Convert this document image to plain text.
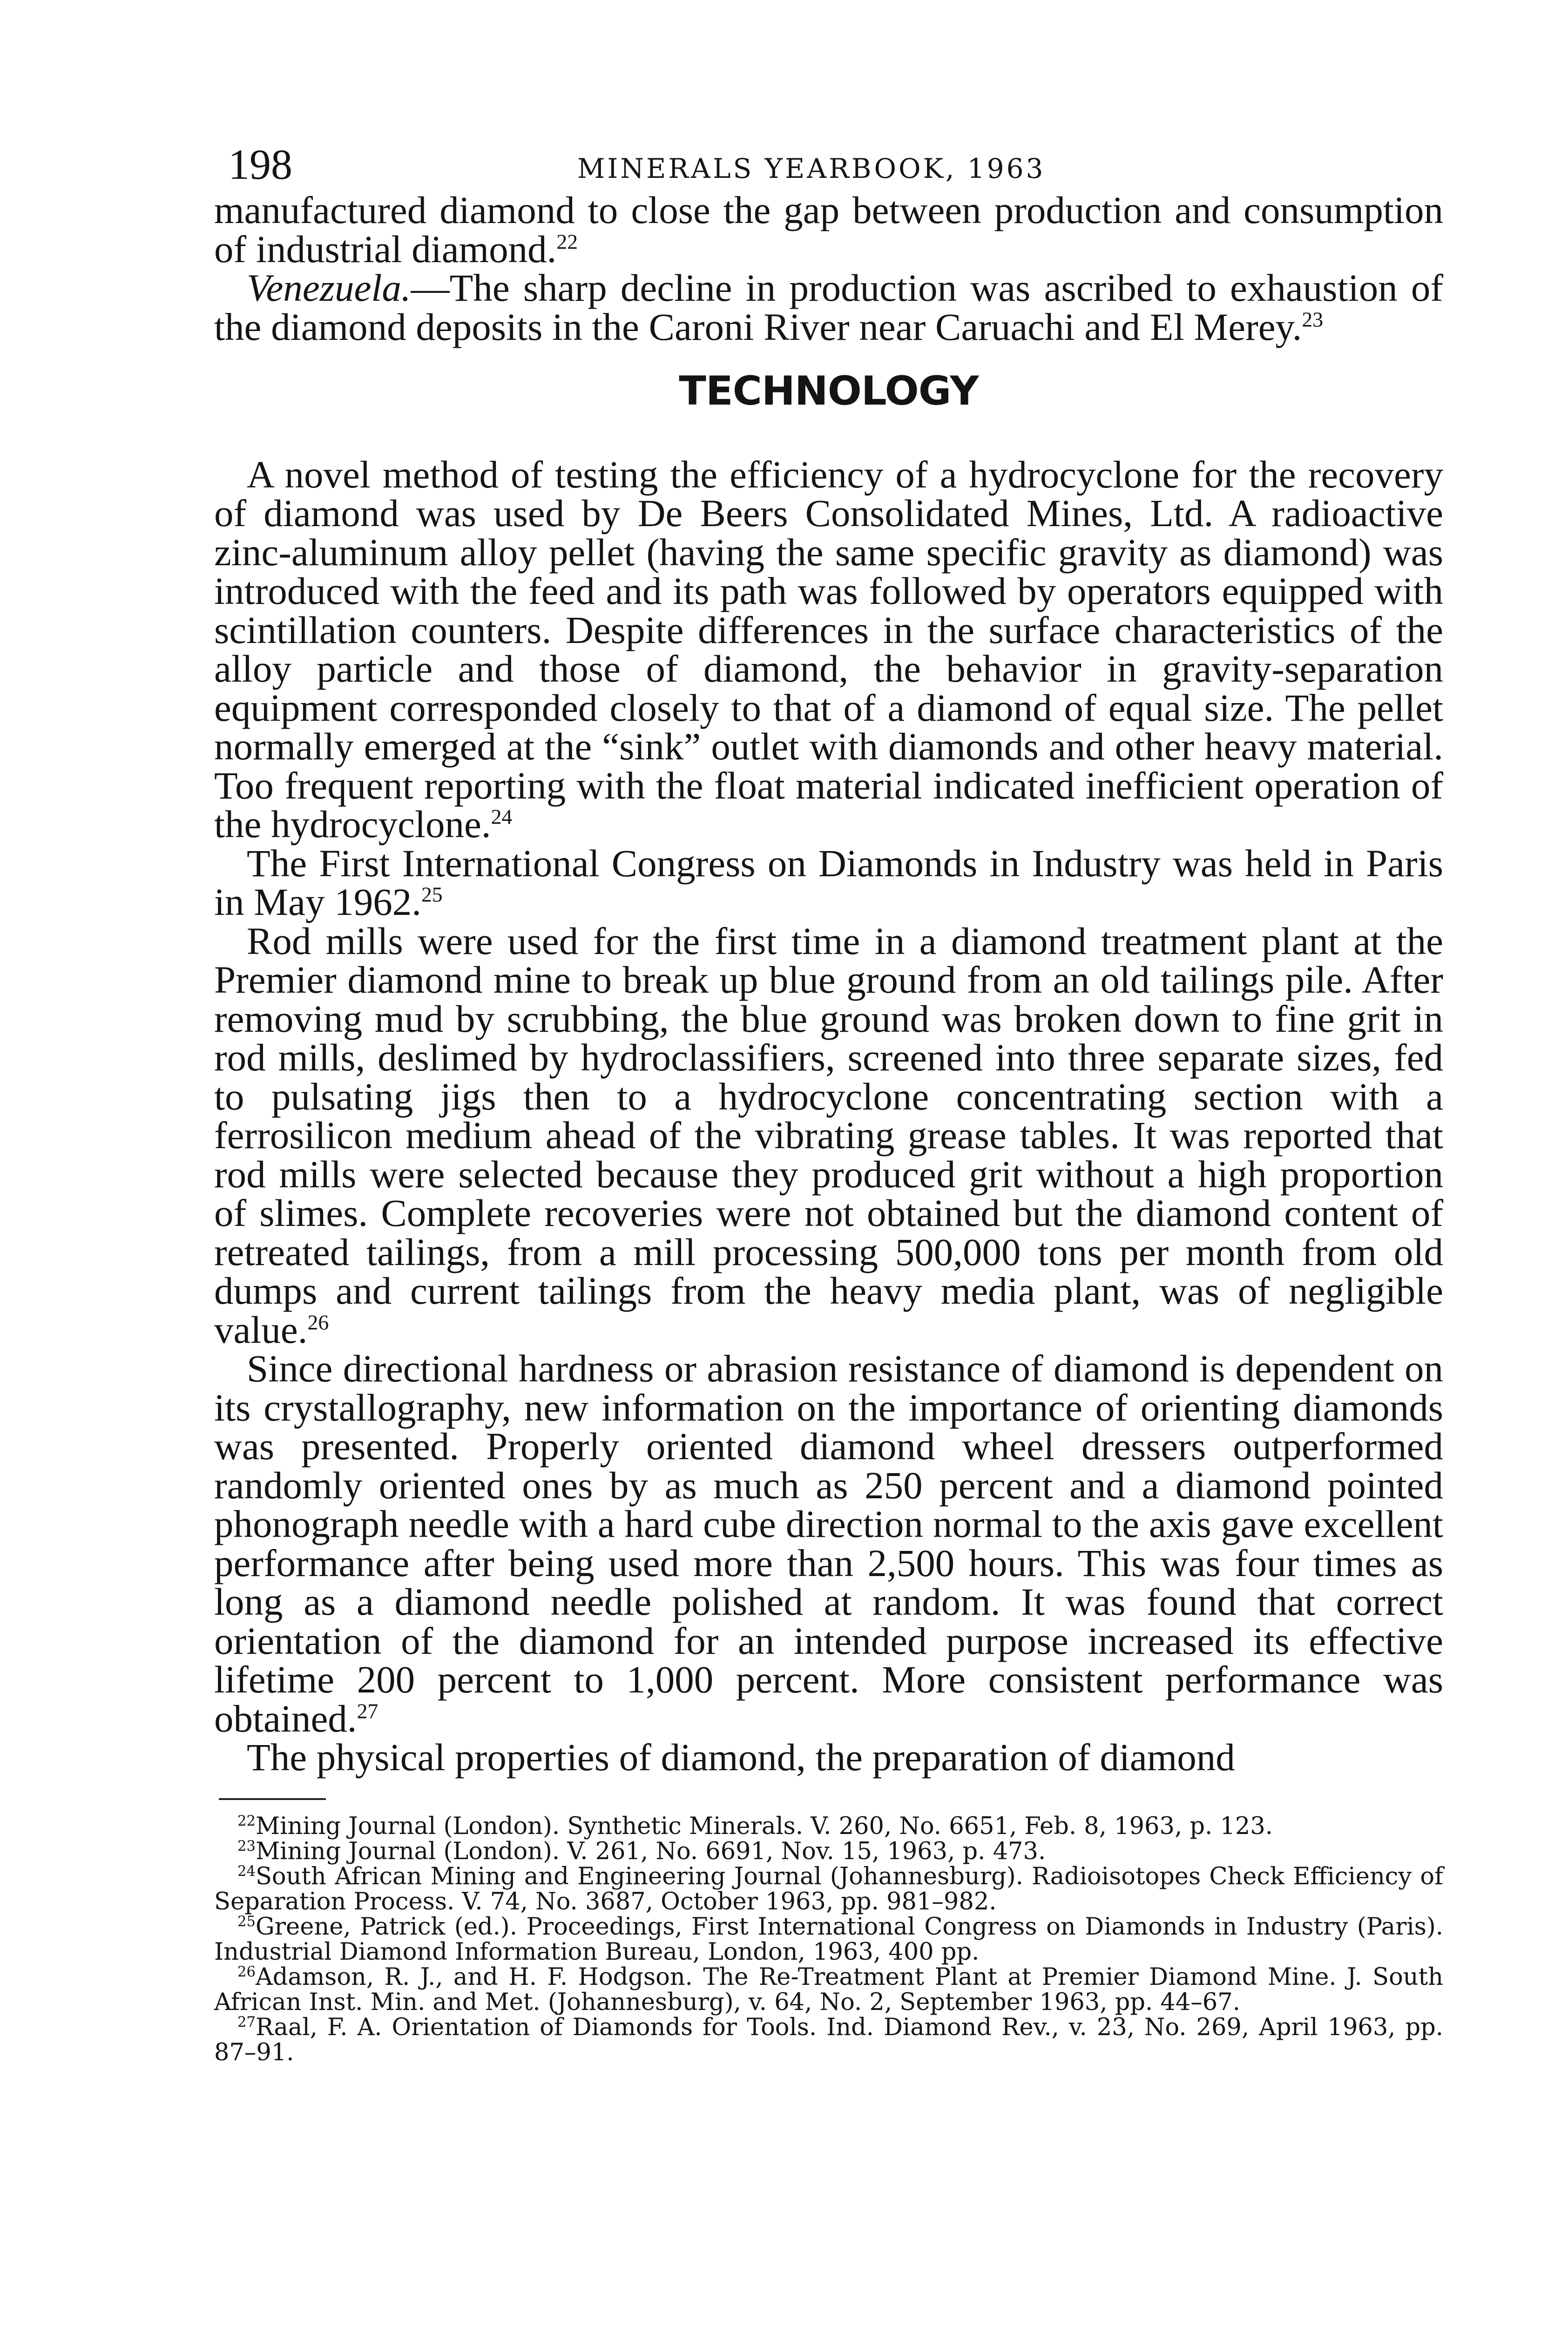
198	MINERALS YEARBOOK, 1963

manufactured diamond to close the gap between production and consumption of industrial diamond.$^{22}$

Venezuela.—The sharp decline in production was ascribed to exhaustion of the diamond deposits in the Caroni River near Caruachi and El Merey.$^{23}$

TECHNOLOGY

A novel method of testing the efficiency of a hydrocyclone for the recovery of diamond was used by De Beers Consolidated Mines, Ltd. A radioactive zinc-aluminum alloy pellet (having the same specific gravity as diamond) was introduced with the feed and its path was followed by operators equipped with scintillation counters. Despite differences in the surface characteristics of the alloy particle and those of diamond, the behavior in gravity-separation equipment corresponded closely to that of a diamond of equal size. The pellet normally emerged at the “sink” outlet with diamonds and other heavy material. Too frequent reporting with the float material indicated inefficient operation of the hydrocyclone.$^{24}$

The First International Congress on Diamonds in Industry was held in Paris in May 1962.25

Rod mills were used for the first time in a diamond treatment plant at the Premier diamond mine to break up blue ground from an old tailings pile. After removing mud by scrubbing, the blue ground was broken down to fine grit in rod mills, deslimed by hydroclassifiers, screened into three separate sizes, fed to pulsating jigs then to a hydrocyclone concentrating section with a ferrosilicon medium ahead of the vibrating grease tables. It was reported that rod mills were selected because they produced grit without a high proportion of slimes. Complete recoveries were not obtained but the diamond content of retreated tailings, from a mill processing 500,000 tons per month from old dumps and current tailings from the heavy media plant, was of negligible value.$^{26}$

Since directional hardness or abrasion resistance of diamond is dependent on its crystallography, new information on the importance of orienting diamonds was presented. Properly oriented diamond wheel dressers outperformed randomly oriented ones by as much as 250 percent and a diamond pointed phonograph needle with a hard cube direction normal to the axis gave excellent performance after being used more than 2,500 hours. This was four times as long as a diamond needle polished at random. It was found that correct orientation of the diamond for an intended purpose increased its effective lifetime 200 percent to 1,000 percent. More consistent performance was obtained.$^{27}$

The physical properties of diamond, the preparation of diamond

$^{22}$Mining Journal (London). Synthetic Minerals. V. 260, No. 6651, Feb. 8, 1963, p. 123.

$^{23}$Mining Journal (London). V. 261, No. 6691, Nov. 15, 1963, p. 473.

$^{24}$South African Mining and Engineering Journal (Johannesburg). Radioisotopes Check Efficiency of Separation Process. V. 74, No. 3687, October 1963, pp. 981–982.

$^{25}$Greene, Patrick (ed.). Proceedings, First International Congress on Diamonds in Industry (Paris). Industrial Diamond Information Bureau, London, 1963, 400 pp.

$^{26}$Adamson, R. J., and H. F. Hodgson. The Re-Treatment Plant at Premier Diamond Mine. J. South African Inst. Min. and Met. (Johannesburg), v. 64, No. 2, September 1963, pp. 44–67.

$^{27}$Raal, F. A. Orientation of Diamonds for Tools. Ind. Diamond Rev., v. 23, No. 269, April 1963, pp. 87–91.
